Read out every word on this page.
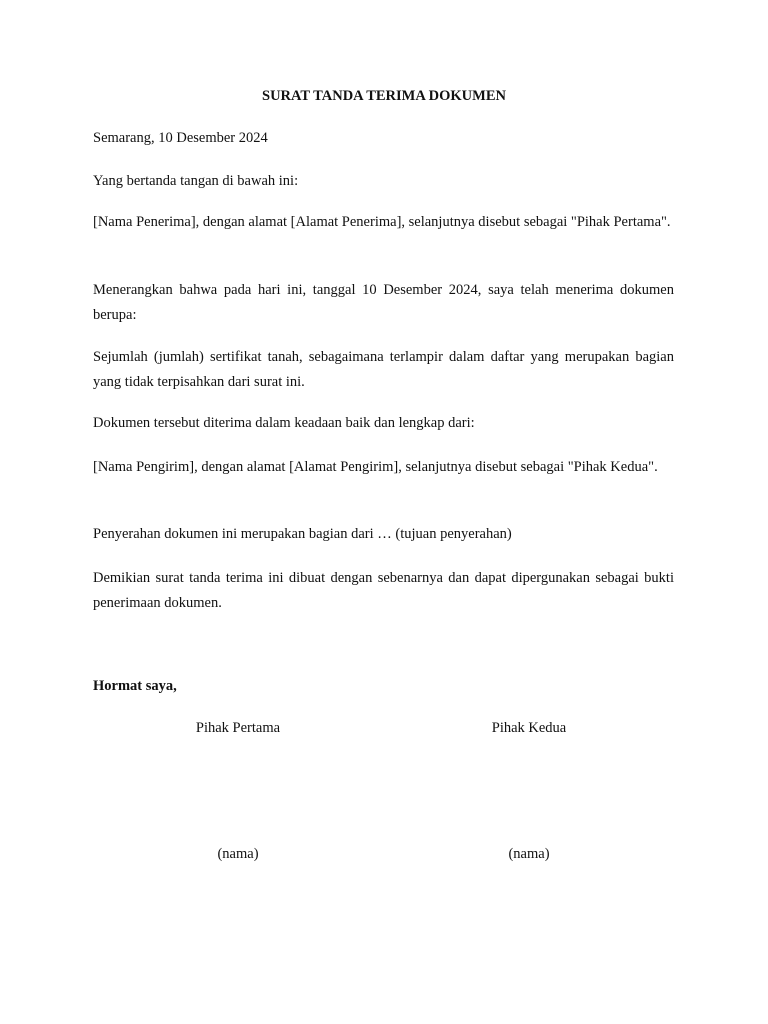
SURAT TANDA TERIMA DOKUMEN

Semarang, 10 Desember 2024

Yang bertanda tangan di bawah ini:

[Nama Penerima], dengan alamat [Alamat Penerima], selanjutnya disebut sebagai "Pihak Pertama".

Menerangkan bahwa pada hari ini, tanggal 10 Desember 2024, saya telah menerima dokumen berupa:

Sejumlah (jumlah) sertifikat tanah, sebagaimana terlampir dalam daftar yang merupakan bagian yang tidak terpisahkan dari surat ini.

Dokumen tersebut diterima dalam keadaan baik dan lengkap dari:

[Nama Pengirim], dengan alamat [Alamat Pengirim], selanjutnya disebut sebagai "Pihak Kedua".

Penyerahan dokumen ini merupakan bagian dari … (tujuan penyerahan)

Demikian surat tanda terima ini dibuat dengan sebenarnya dan dapat dipergunakan sebagai bukti penerimaan dokumen.

Hormat saya,

Pihak Pertama	Pihak Kedua

(nama)	(nama)
